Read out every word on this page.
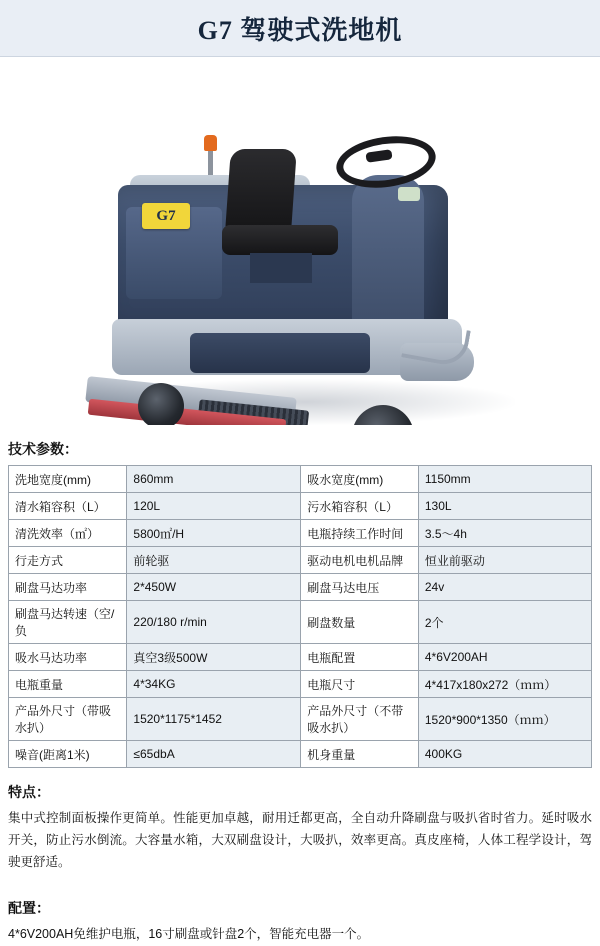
G7 驾驶式洗地机
G7
技术参数：
洗地宽度(mm)	860mm	吸水宽度(mm)	1150mm
清水箱容积（L）	120L	污水箱容积（L）	130L
清洗效率（㎡）	5800㎡/H	电瓶持续工作时间	3.5～4h
行走方式	前轮驱	驱动电机电机品牌	恒业前驱动
刷盘马达功率	2*450W	刷盘马达电压	24v
刷盘马达转速（空/负	220/180 r/min	刷盘数量	2个
吸水马达功率	真空3级500W	电瓶配置	4*6V200AH
电瓶重量	4*34KG	电瓶尺寸	4*417x180x272（ｍｍ）
产品外尺寸（带吸水扒）	1520*1175*1452	产品外尺寸（不带吸水扒）	1520*900*1350（ｍｍ）
噪音(距离1米)	≤65dbA	机身重量	400KG
特点：
集中式控制面板操作更简单。性能更加卓越，耐用迁都更高，全自动升降刷盘与吸扒省时省力。延时吸水开关，防止污水倒流。大容量水箱，大双刷盘设计，大吸扒，效率更高。真皮座椅，人体工程学设计，驾驶更舒适。
配置：
4*6V200AH免维护电瓶，16寸刷盘或针盘2个，智能充电器一个。
